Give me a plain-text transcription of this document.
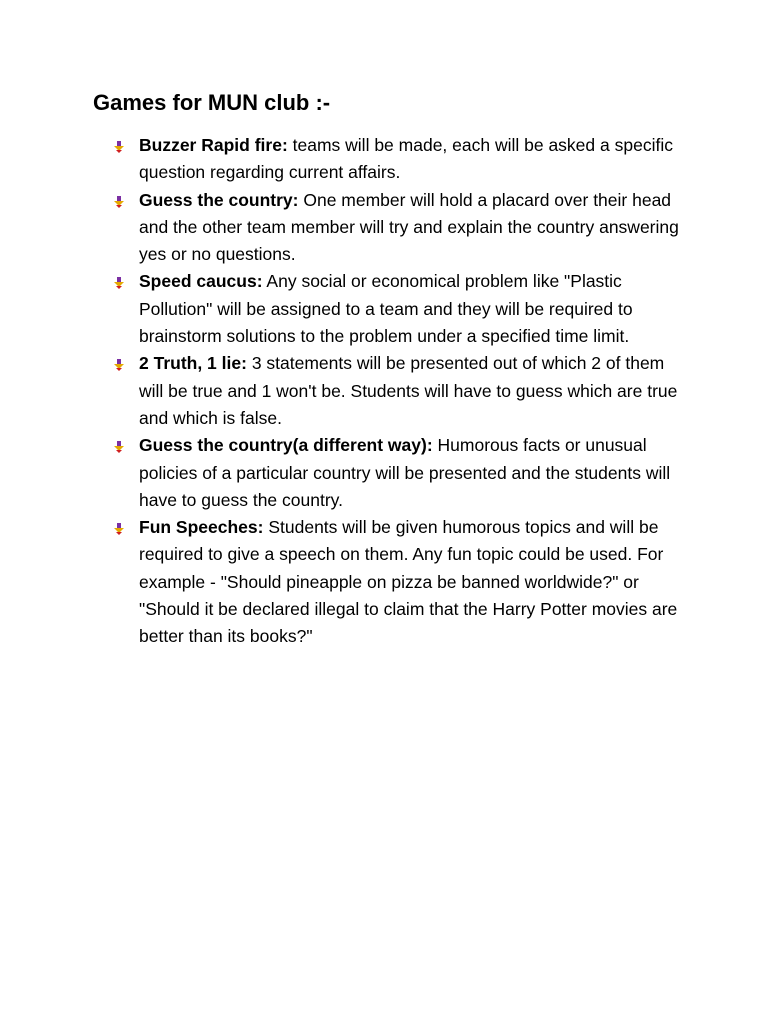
Games for MUN club :-
Buzzer Rapid fire: teams will be made, each will be asked a specific question regarding current affairs.
Guess the country: One member will hold a placard over their head and the other team member will try and explain the country answering yes or no questions.
Speed caucus: Any social or economical problem like "Plastic Pollution" will be assigned to a team and they will be required to brainstorm solutions to the problem under a specified time limit.
2 Truth, 1 lie: 3 statements will be presented out of which 2 of them will be true and 1 won't be. Students will have to guess which are true and which is false.
Guess the country(a different way): Humorous facts or unusual policies of a particular country will be presented and the students will have to guess the country.
Fun Speeches: Students will be given humorous topics and will be required to give a speech on them. Any fun topic could be used. For example - "Should pineapple on pizza be banned worldwide?" or "Should it be declared illegal to claim that the Harry Potter movies are better than its books?"
